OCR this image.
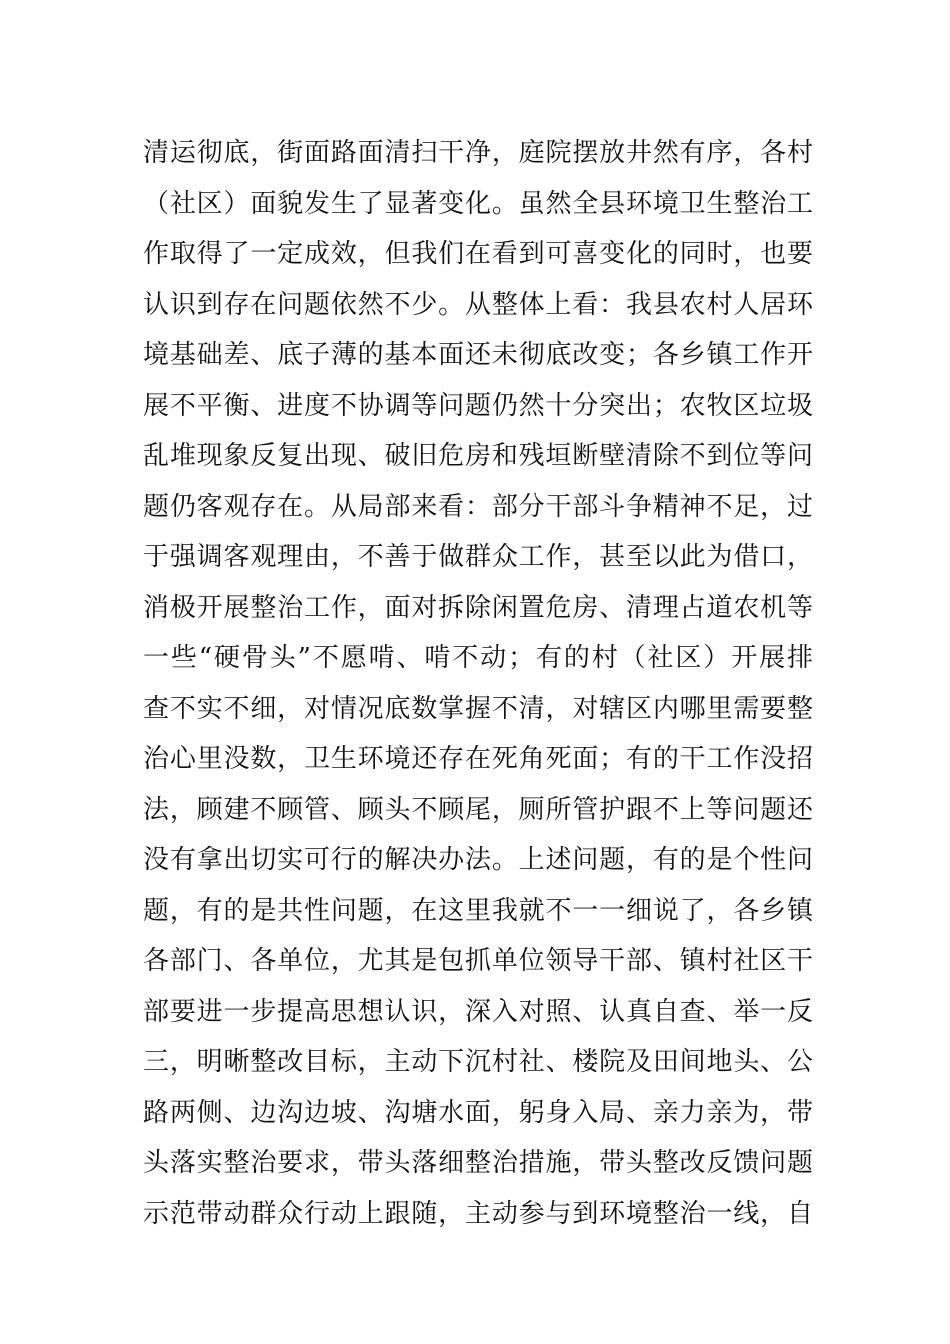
清运彻底，街面路面清扫干净，庭院摆放井然有序，各村
（社区）面貌发生了显著变化。虽然全县环境卫生整治工
作取得了一定成效，但我们在看到可喜变化的同时，也要
认识到存在问题依然不少。从整体上看：我县农村人居环
境基础差、底子薄的基本面还未彻底改变；各乡镇工作开
展不平衡、进度不协调等问题仍然十分突出；农牧区垃圾
乱堆现象反复出现、破旧危房和残垣断壁清除不到位等问
题仍客观存在。从局部来看：部分干部斗争精神不足，过
于强调客观理由，不善于做群众工作，甚至以此为借口，
消极开展整治工作，面对拆除闲置危房、清理占道农机等
一些“硬骨头”不愿啃、啃不动；有的村（社区）开展排
查不实不细，对情况底数掌握不清，对辖区内哪里需要整
治心里没数，卫生环境还存在死角死面；有的干工作没招
法，顾建不顾管、顾头不顾尾，厕所管护跟不上等问题还
没有拿出切实可行的解决办法。上述问题，有的是个性问
题，有的是共性问题，在这里我就不一一细说了，各乡镇
各部门、各单位，尤其是包抓单位领导干部、镇村社区干
部要进一步提高思想认识，深入对照、认真自查、举一反
三，明晰整改目标，主动下沉村社、楼院及田间地头、公
路两侧、边沟边坡、沟塘水面，躬身入局、亲力亲为，带
头落实整治要求，带头落细整治措施，带头整改反馈问题
示范带动群众行动上跟随，主动参与到环境整治一线，自
